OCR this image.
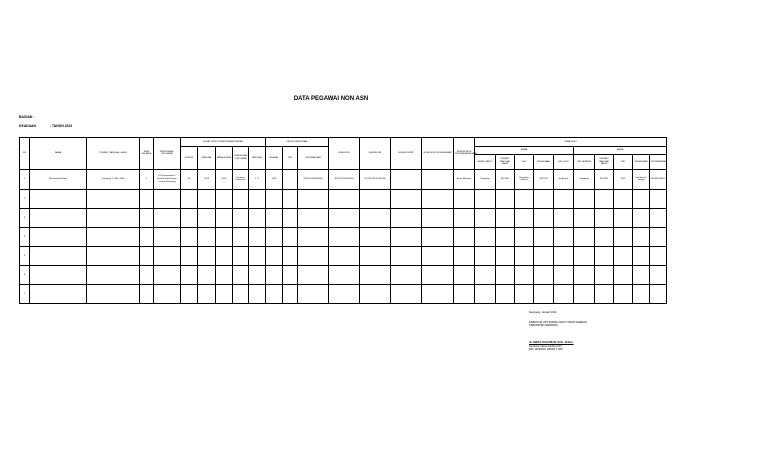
DATA PEGAWAI NON ASN
BAGIAN :
KEADAAN	: TAHUN 2023
NO	NAMA	TEMPAT / TANGGAL LAHIR	JENIS KELAMIN	PENDIDIKAN / PROGRAM	SURAT KEPUTUSAN PENGANGKATAN					KEDUDUKAN DINAS			NOMOR KK	NOMOR NIK	NOMOR NPWP	NOMOR BPJS KESEHATAN	NOMOR BPJS KETENAGAKERJAAN	DATA SUSU	
					NOMOR	TANGGAL	MASA KERJA	PENDIDIKAN / PROGRAM	TANGGAL	ALAMAT	TMT	KETERANGAN						NAMA					NAMA					
																		BERAT KARTU	TEMPAT / TANGGAL LAHIR	NIK	PEKERJAAN	NIK SUSU	NIK LAINNYA	TEMPAT / TANGGAL LAHIR	NIK	PEKERJAAN	KETERANGAN	
1	Muhammad Ilham	Sampang, 17 Mei 1990	L	S1 Keperawatan / Rumah Sakit Umum Daerah Sampang	04	2019	2023	Perawat Pelaksana	1 / 1	2023		3527051209870001	3527051705900002	81.230.450.6-608.000			Ilham Maulana	Sampang	3527051	Karyawan Swasta	3527051	Siti Aisyah	Sampang	3527051	2019	Ibu Rumah Tangga	081231234567	
2																												
3																												
4																												
5																												
6																												
7																												
Sampang, Januari 2023
DIREKTUR UPT RUMAH SAKIT UMUM DAERAH
KABUPATEN SAMPANG
dr. ABDUL RACHMAN, SAG., M.Kes.
Pembina Utama Muda (IV/c)
NIP. 19720601 200003 1 009
